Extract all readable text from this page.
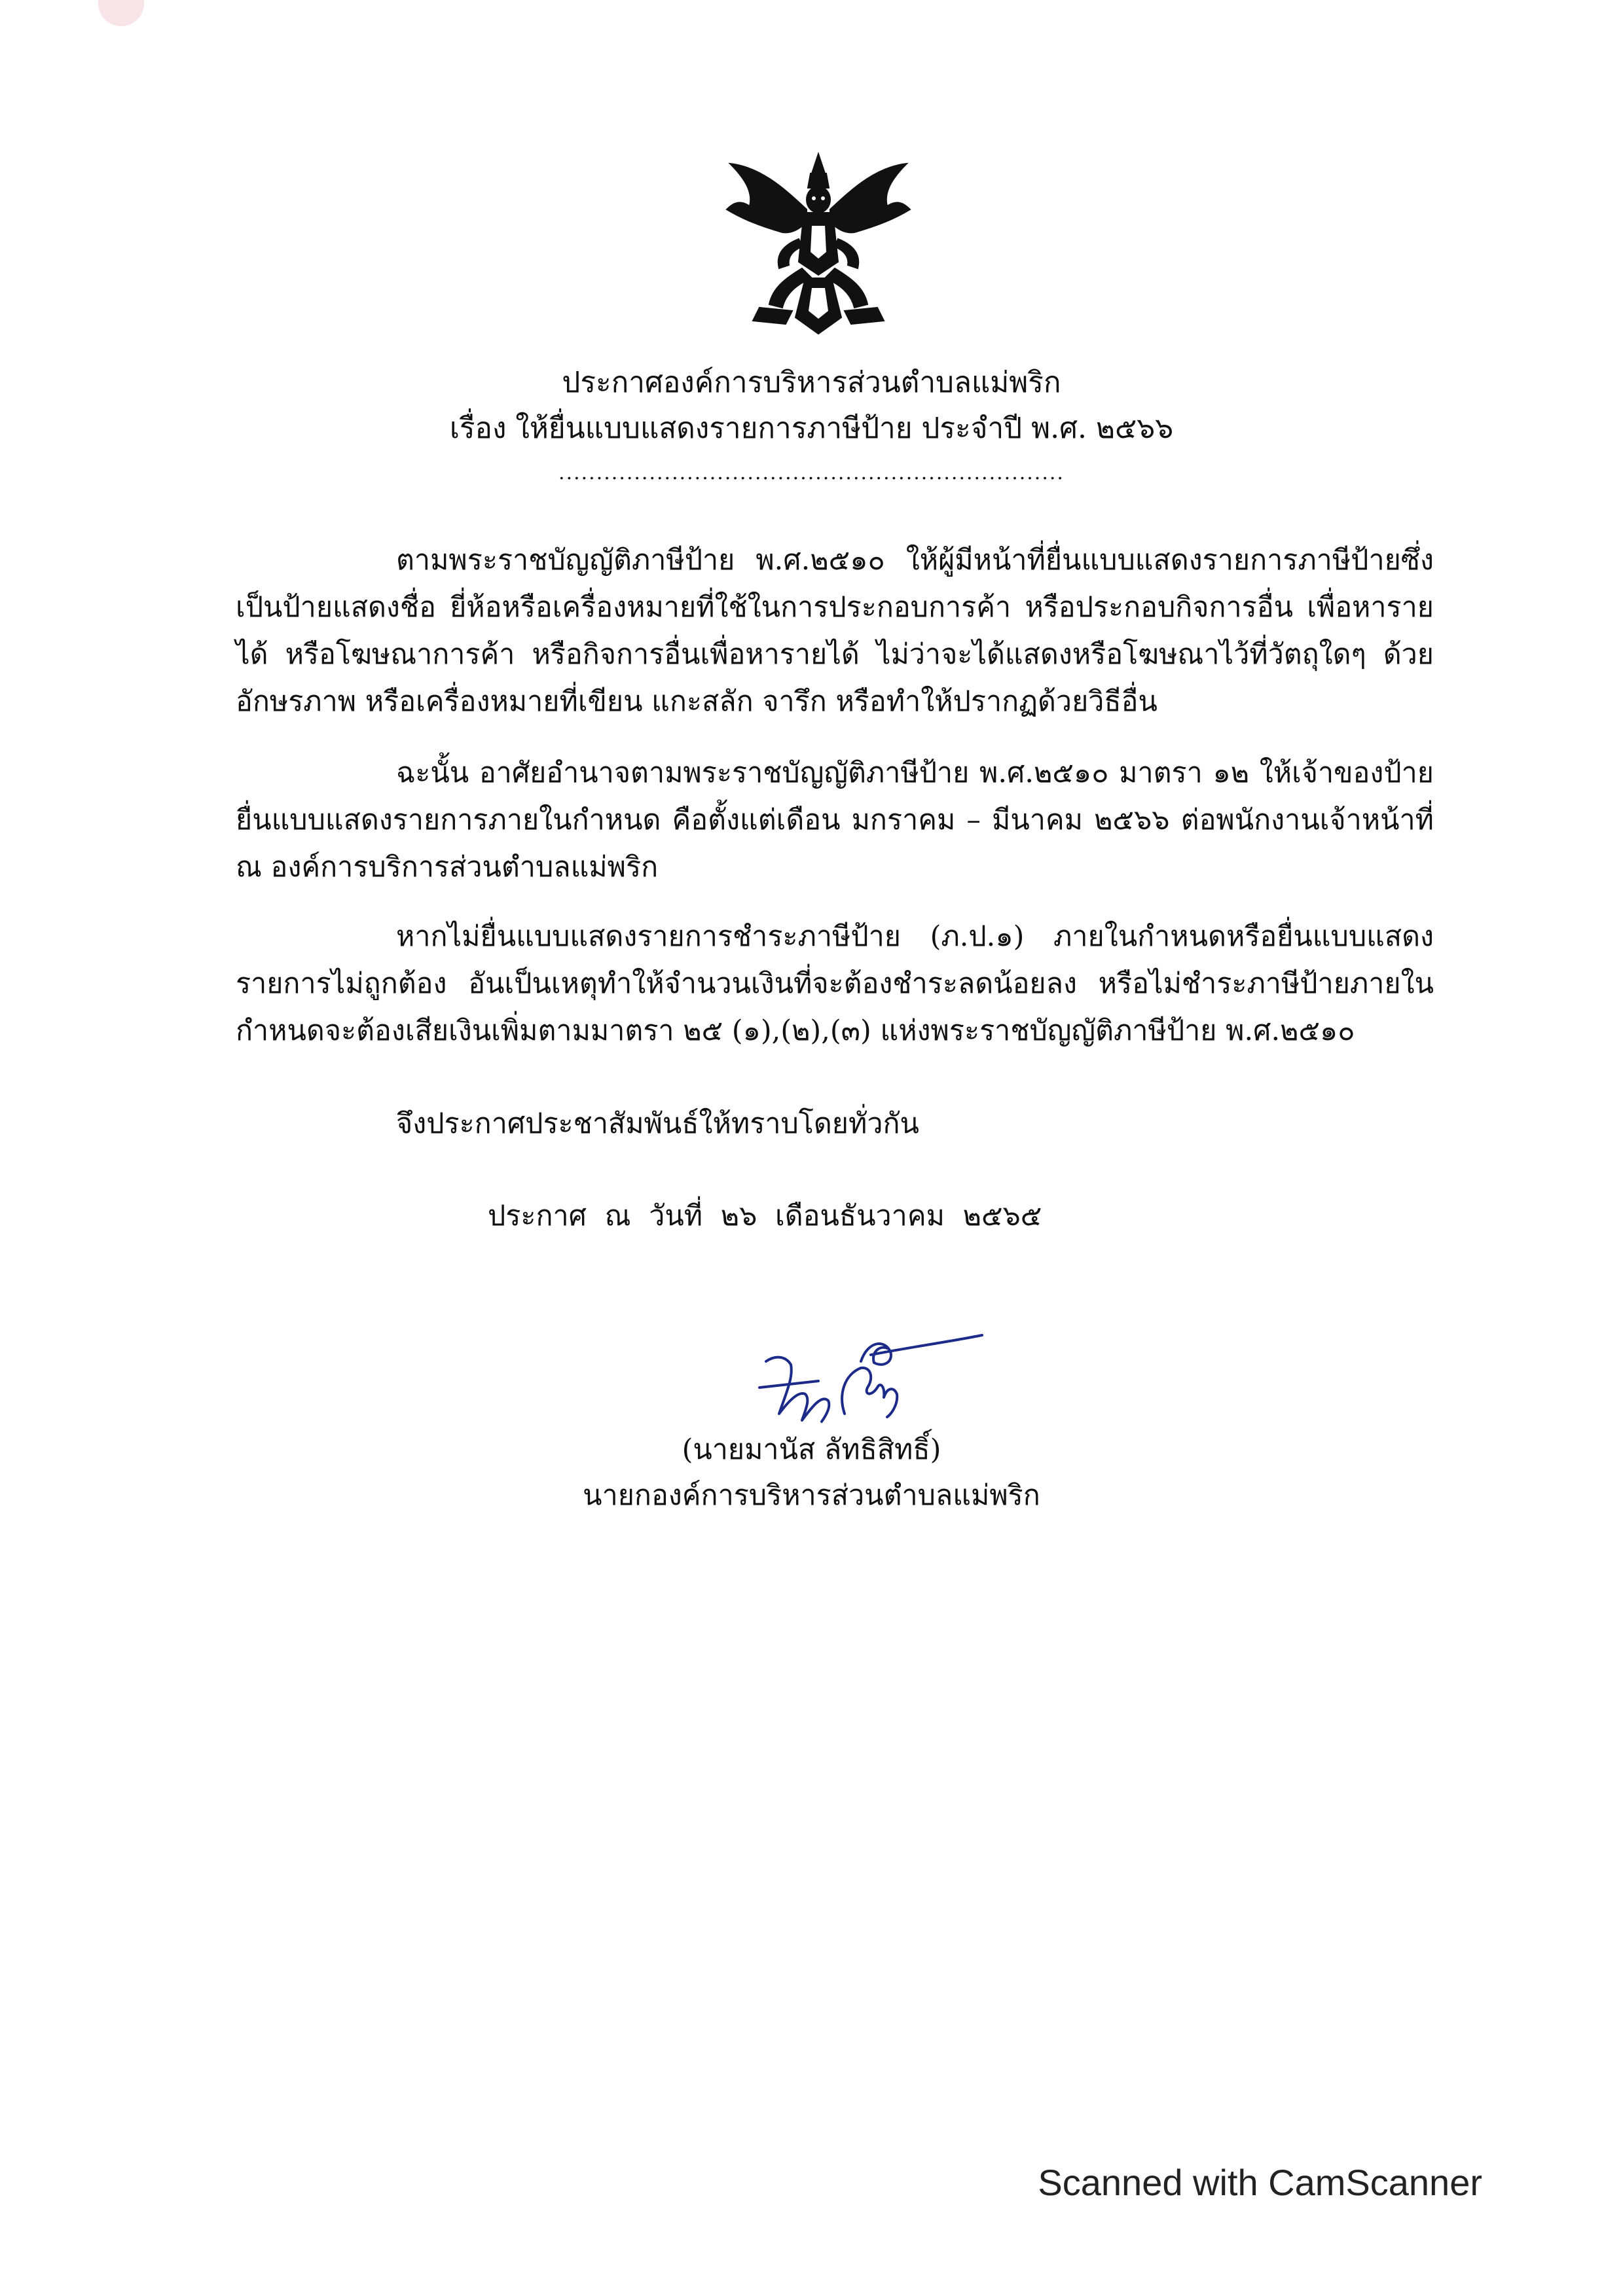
ประกาศองค์การบริหารส่วนตำบลแม่พริก
เรื่อง ให้ยื่นแบบแสดงรายการภาษีป้าย ประจำปี พ.ศ. ๒๕๖๖
...................................................................
ตามพระราชบัญญัติภาษีป้าย พ.ศ.๒๕๑๐ ให้ผู้มีหน้าที่ยื่นแบบแสดงรายการภาษีป้ายซึ่งเป็นป้ายแสดงชื่อ ยี่ห้อหรือเครื่องหมายที่ใช้ในการประกอบการค้า หรือประกอบกิจการอื่น เพื่อหารายได้ หรือโฆษณาการค้า หรือกิจการอื่นเพื่อหารายได้ ไม่ว่าจะได้แสดงหรือโฆษณาไว้ที่วัตถุใดๆ ด้วยอักษรภาพ หรือเครื่องหมายที่เขียน แกะสลัก จารึก หรือทำให้ปรากฏด้วยวิธีอื่น
ฉะนั้น อาศัยอำนาจตามพระราชบัญญัติภาษีป้าย พ.ศ.๒๕๑๐ มาตรา ๑๒ ให้เจ้าของป้ายยื่นแบบแสดงรายการภายในกำหนด คือตั้งแต่เดือน มกราคม – มีนาคม ๒๕๖๖ ต่อพนักงานเจ้าหน้าที่ ณ องค์การบริการส่วนตำบลแม่พริก
หากไม่ยื่นแบบแสดงรายการชำระภาษีป้าย (ภ.ป.๑) ภายในกำหนดหรือยื่นแบบแสดงรายการไม่ถูกต้อง อันเป็นเหตุทำให้จำนวนเงินที่จะต้องชำระลดน้อยลง หรือไม่ชำระภาษีป้ายภายในกำหนดจะต้องเสียเงินเพิ่มตามมาตรา ๒๕ (๑),(๒),(๓) แห่งพระราชบัญญัติภาษีป้าย พ.ศ.๒๕๑๐
จึงประกาศประชาสัมพันธ์ให้ทราบโดยทั่วกัน
ประกาศ ณ วันที่ ๒๖ เดือนธันวาคม ๒๕๖๕
(นายมานัส ลัทธิสิทธิ์)
นายกองค์การบริหารส่วนตำบลแม่พริก
Scanned with CamScanner
